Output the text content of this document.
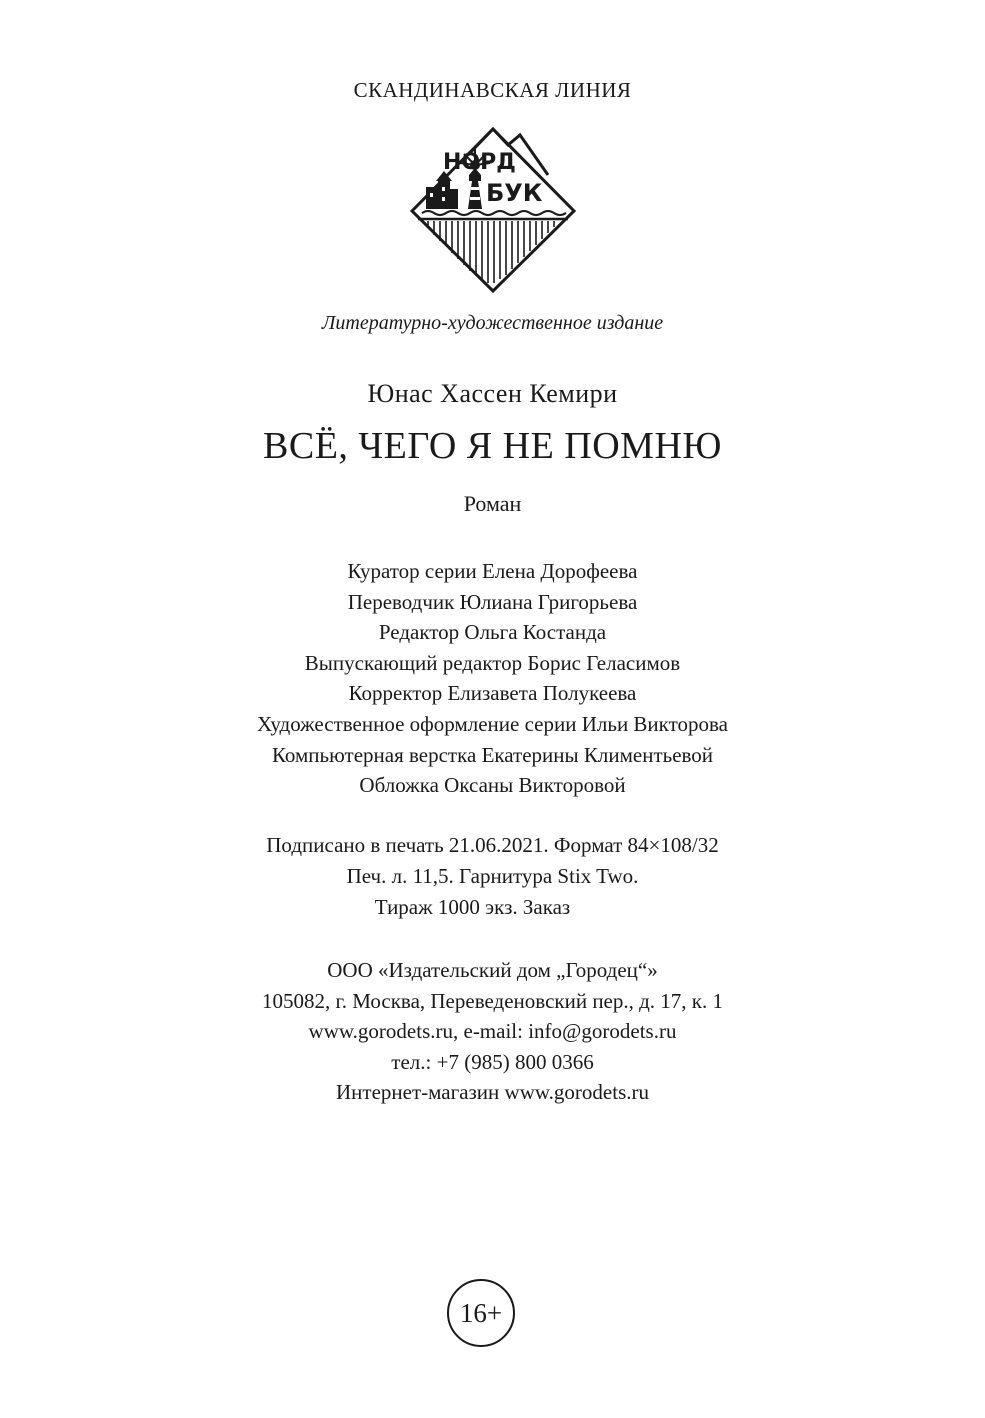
СКАНДИНАВСКАЯ ЛИНИЯ
НОРД
БУК
Литературно-художественное издание
Юнас Хассен Кемири
ВСЁ, ЧЕГО Я НЕ ПОМНЮ
Роман
Куратор серии Елена Дорофеева
Переводчик Юлиана Григорьева
Редактор Ольга Костанда
Выпускающий редактор Борис Геласимов
Корректор Елизавета Полукеева
Художественное оформление серии Ильи Викторова
Компьютерная верстка Екатерины Климентьевой
Обложка Оксаны Викторовой
Подписано в печать 21.06.2021. Формат 84×108/32
Печ. л. 11,5. Гарнитура Stix Two.
Тираж 1000 экз. Заказ
ООО «Издательский дом „Городец“»
105082, г. Москва, Переведеновский пер., д. 17, к. 1
www.gorodets.ru, e-mail: info@gorodets.ru
тел.: +7 (985) 800 0366
Интернет-магазин www.gorodets.ru
16+
